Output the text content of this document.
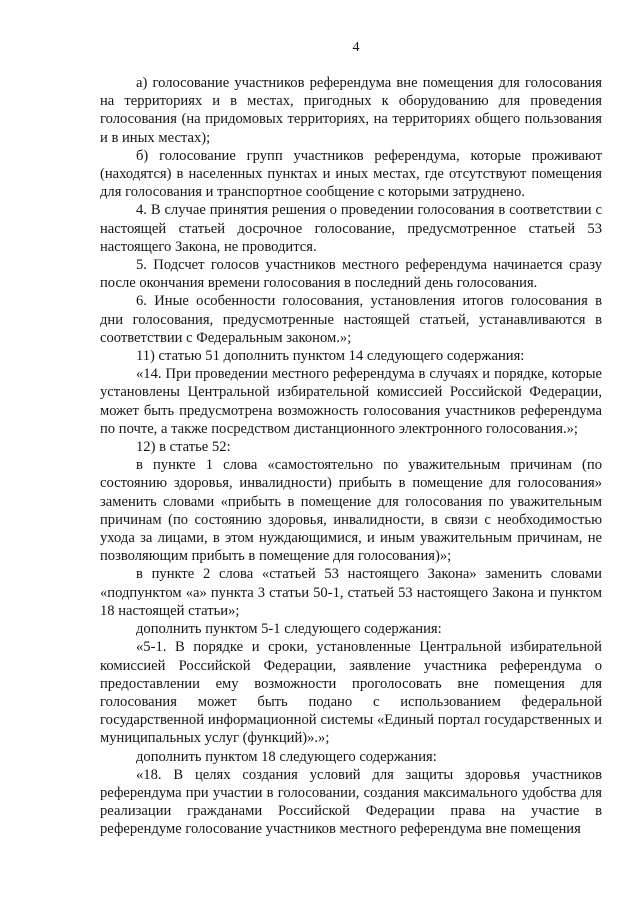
4

а) голосование участников референдума вне помещения для голосования на территориях и в местах, пригодных к оборудованию для проведения голосования (на придомовых территориях, на территориях общего пользования и в иных местах);

б) голосование групп участников референдума, которые проживают (находятся) в населенных пунктах и иных местах, где отсутствуют помещения для голосования и транспортное сообщение с которыми затруднено.

4. В случае принятия решения о проведении голосования в соответствии с настоящей статьей досрочное голосование, предусмотренное статьей 53 настоящего Закона, не проводится.

5. Подсчет голосов участников местного референдума начинается сразу после окончания времени голосования в последний день голосования.

6. Иные особенности голосования, установления итогов голосования в дни голосования, предусмотренные настоящей статьей, устанавливаются в соответствии с Федеральным законом.»;

11) статью 51 дополнить пунктом 14 следующего содержания:

«14. При проведении местного референдума в случаях и порядке, которые установлены Центральной избирательной комиссией Российской Федерации, может быть предусмотрена возможность голосования участников референдума по почте, а также посредством дистанционного электронного голосования.»;

12) в статье 52:

в пункте 1 слова «самостоятельно по уважительным причинам (по состоянию здоровья, инвалидности) прибыть в помещение для голосования» заменить словами «прибыть в помещение для голосования по уважительным причинам (по состоянию здоровья, инвалидности, в связи с необходимостью ухода за лицами, в этом нуждающимися, и иным уважительным причинам, не позволяющим прибыть в помещение для голосования)»;

в пункте 2 слова «статьей 53 настоящего Закона» заменить словами «подпунктом «а» пункта 3 статьи 50-1, статьей 53 настоящего Закона и пунктом 18 настоящей статьи»;

дополнить пунктом 5-1 следующего содержания:

«5-1. В порядке и сроки, установленные Центральной избирательной комиссией Российской Федерации, заявление участника референдума о предоставлении ему возможности проголосовать вне помещения для голосования может быть подано с использованием федеральной государственной информационной системы «Единый портал государственных и муниципальных услуг (функций)».»;

дополнить пунктом 18 следующего содержания:

«18. В целях создания условий для защиты здоровья участников референдума при участии в голосовании, создания максимального удобства для реализации гражданами Российской Федерации права на участие в референдуме голосование участников местного референдума вне помещения
